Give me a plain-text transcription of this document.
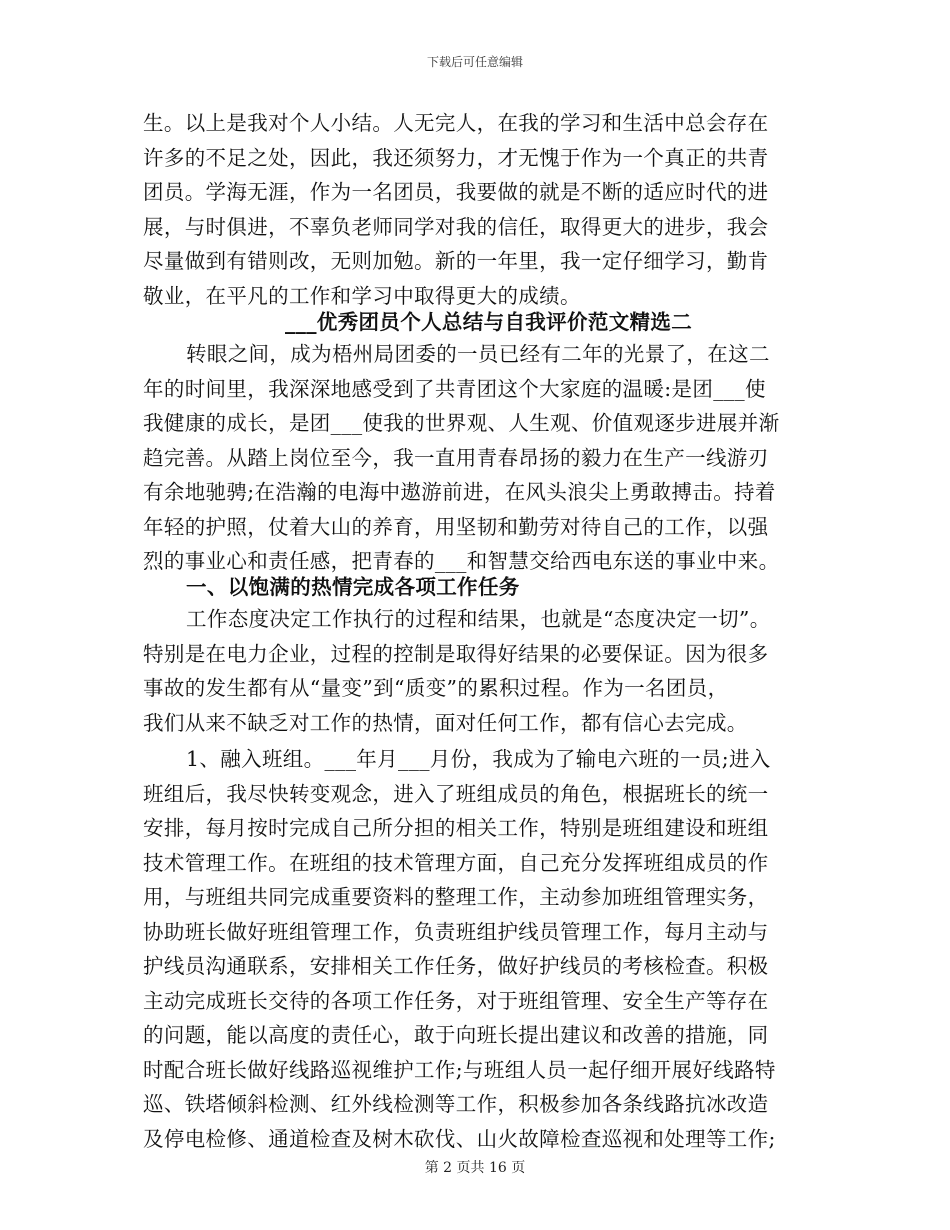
下载后可任意编辑
生。以上是我对个人小结。人无完人，在我的学习和生活中总会存在
许多的不足之处，因此，我还须努力，才无愧于作为一个真正的共青
团员。学海无涯，作为一名团员，我要做的就是不断的适应时代的进
展，与时俱进，不辜负老师同学对我的信任，取得更大的进步，我会
尽量做到有错则改，无则加勉。新的一年里，我一定仔细学习，勤肯
敬业，在平凡的工作和学习中取得更大的成绩。
___优秀团员个人总结与自我评价范文精选二
转眼之间，成为梧州局团委的一员已经有二年的光景了，在这二
年的时间里，我深深地感受到了共青团这个大家庭的温暖:是团___使
我健康的成长，是团___使我的世界观、人生观、价值观逐步进展并渐
趋完善。从踏上岗位至今，我一直用青春昂扬的毅力在生产一线游刃
有余地驰骋;在浩瀚的电海中遨游前进，在风头浪尖上勇敢搏击。持着
年轻的护照，仗着大山的养育，用坚韧和勤劳对待自己的工作，以强
烈的事业心和责任感，把青春的___和智慧交给西电东送的事业中来。
一、以饱满的热情完成各项工作任务
工作态度决定工作执行的过程和结果，也就是“态度决定一切”。
特别是在电力企业，过程的控制是取得好结果的必要保证。因为很多
事故的发生都有从“量变”到“质变”的累积过程。作为一名团员，
我们从来不缺乏对工作的热情，面对任何工作，都有信心去完成。
1、融入班组。___年月___月份，我成为了输电六班的一员;进入
班组后，我尽快转变观念，进入了班组成员的角色，根据班长的统一
安排，每月按时完成自己所分担的相关工作，特别是班组建设和班组
技术管理工作。在班组的技术管理方面，自己充分发挥班组成员的作
用，与班组共同完成重要资料的整理工作，主动参加班组管理实务，
协助班长做好班组管理工作，负责班组护线员管理工作，每月主动与
护线员沟通联系，安排相关工作任务，做好护线员的考核检查。积极
主动完成班长交待的各项工作任务，对于班组管理、安全生产等存在
的问题，能以高度的责任心，敢于向班长提出建议和改善的措施，同
时配合班长做好线路巡视维护工作;与班组人员一起仔细开展好线路特
巡、铁塔倾斜检测、红外线检测等工作，积极参加各条线路抗冰改造
及停电检修、通道检查及树木砍伐、山火故障检查巡视和处理等工作;
第 2 页共 16 页
